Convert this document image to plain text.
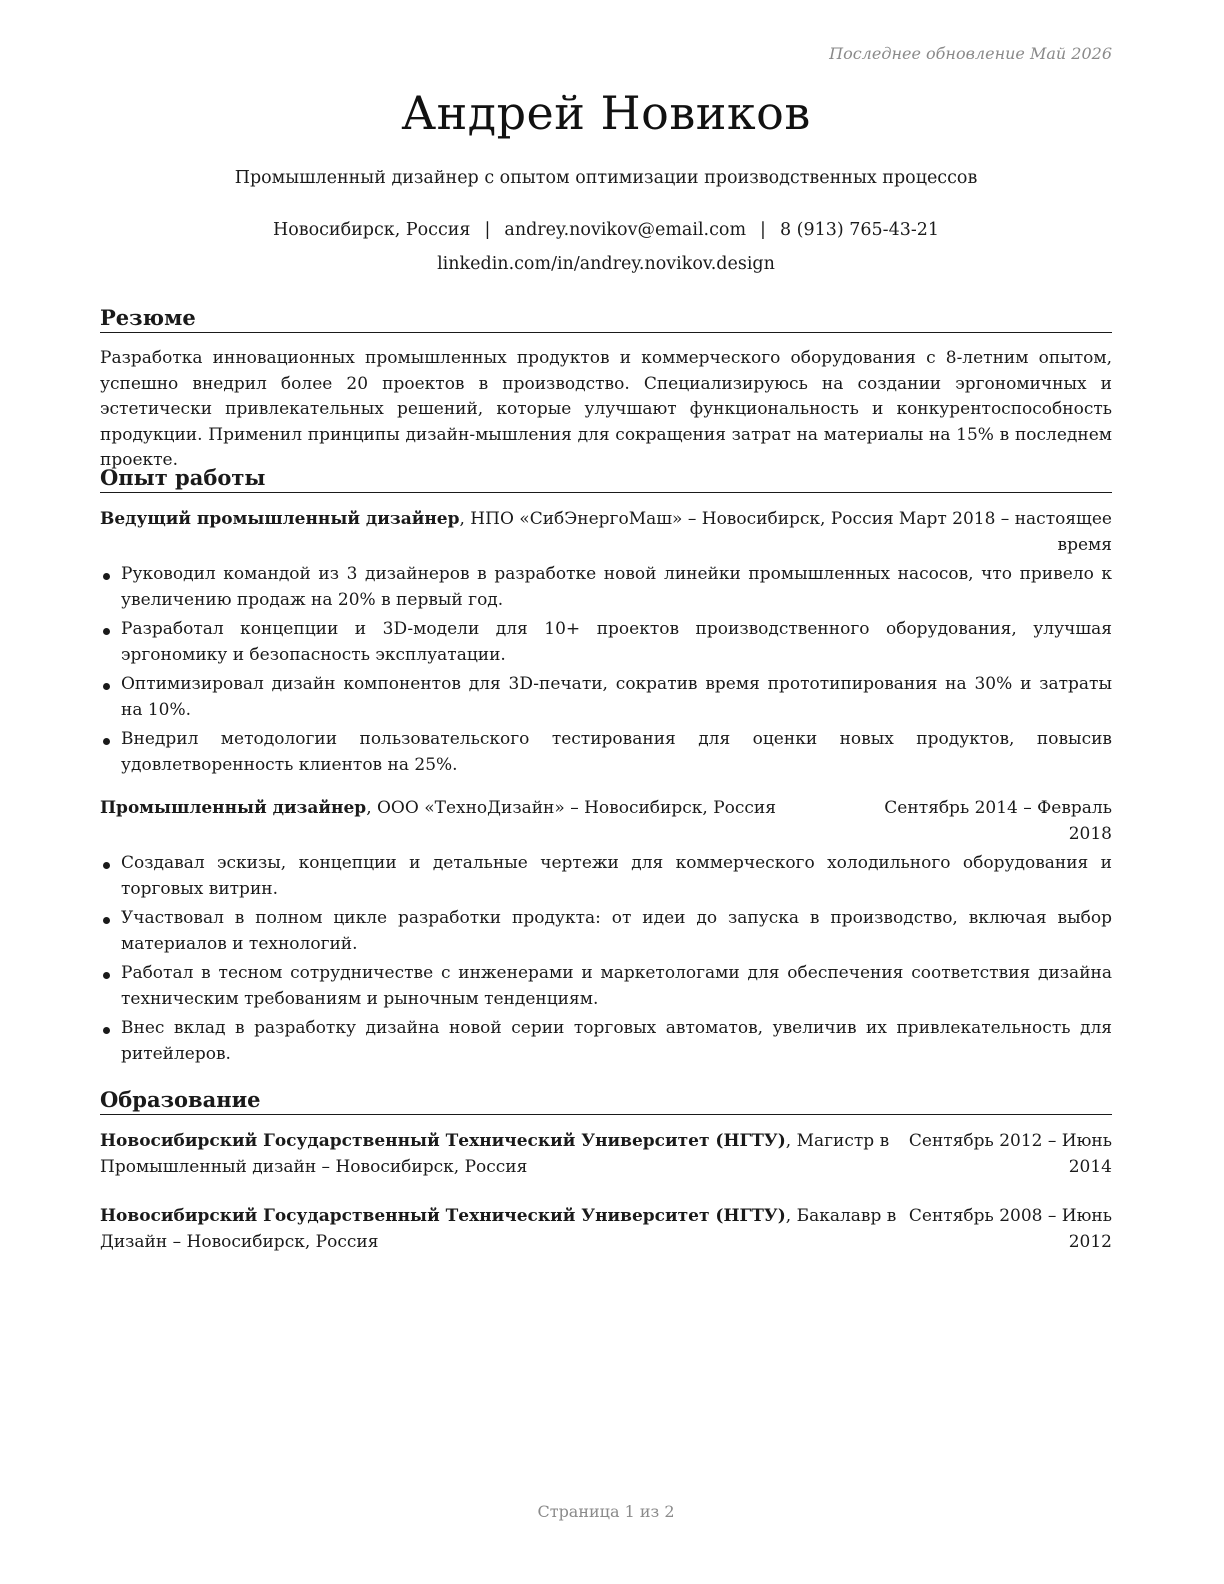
Последнее обновление Май 2026
Андрей Новиков
Промышленный дизайнер с опытом оптимизации производственных процессов
Новосибирск, Россия | andrey.novikov@email.com | 8 (913) 765-43-21
linkedin.com/in/andrey.novikov.design
Резюме
Разработка инновационных промышленных продуктов и коммерческого оборудования с 8-летним опытом, успешно внедрил более 20 проектов в производство. Специализируюсь на создании эргономичных и эстетически привлекательных решений, которые улучшают функциональность и конкурентоспособность продукции. Применил принципы дизайн-мышления для сокращения затрат на материалы на 15% в последнем проекте.
Опыт работы
Март 2018 – настоящее
время
Ведущий промышленный дизайнер, НПО «СибЭнергоМаш» – Новосибирск, Россия
Руководил командой из 3 дизайнеров в разработке новой линейки промышленных насосов, что привело к увеличению продаж на 20% в первый год.
Разработал концепции и 3D-модели для 10+ проектов производственного оборудования, улучшая эргономику и безопасность эксплуатации.
Оптимизировал дизайн компонентов для 3D-печати, сократив время прототипирования на 30% и затраты на 10%.
Внедрил методологии пользовательского тестирования для оценки новых продуктов, повысив удовлетворенность клиентов на 25%.
Сентябрь 2014 – Февраль
2018
Промышленный дизайнер, ООО «ТехноДизайн» – Новосибирск, Россия
Создавал эскизы, концепции и детальные чертежи для коммерческого холодильного оборудования и торговых витрин.
Участвовал в полном цикле разработки продукта: от идеи до запуска в производство, включая выбор материалов и технологий.
Работал в тесном сотрудничестве с инженерами и маркетологами для обеспечения соответствия дизайна техническим требованиям и рыночным тенденциям.
Внес вклад в разработку дизайна новой серии торговых автоматов, увеличив их привлекательность для ритейлеров.
Образование
Новосибирский Государственный Технический Университет (НГТУ), Магистр в Сентябрь 2012 – Июнь
Промышленный дизайн – Новосибирск, Россия	2014
Новосибирский Государственный Технический Университет (НГТУ), Бакалавр в Сентябрь 2008 – Июнь
Дизайн – Новосибирск, Россия	2012
Страница 1 из 2
